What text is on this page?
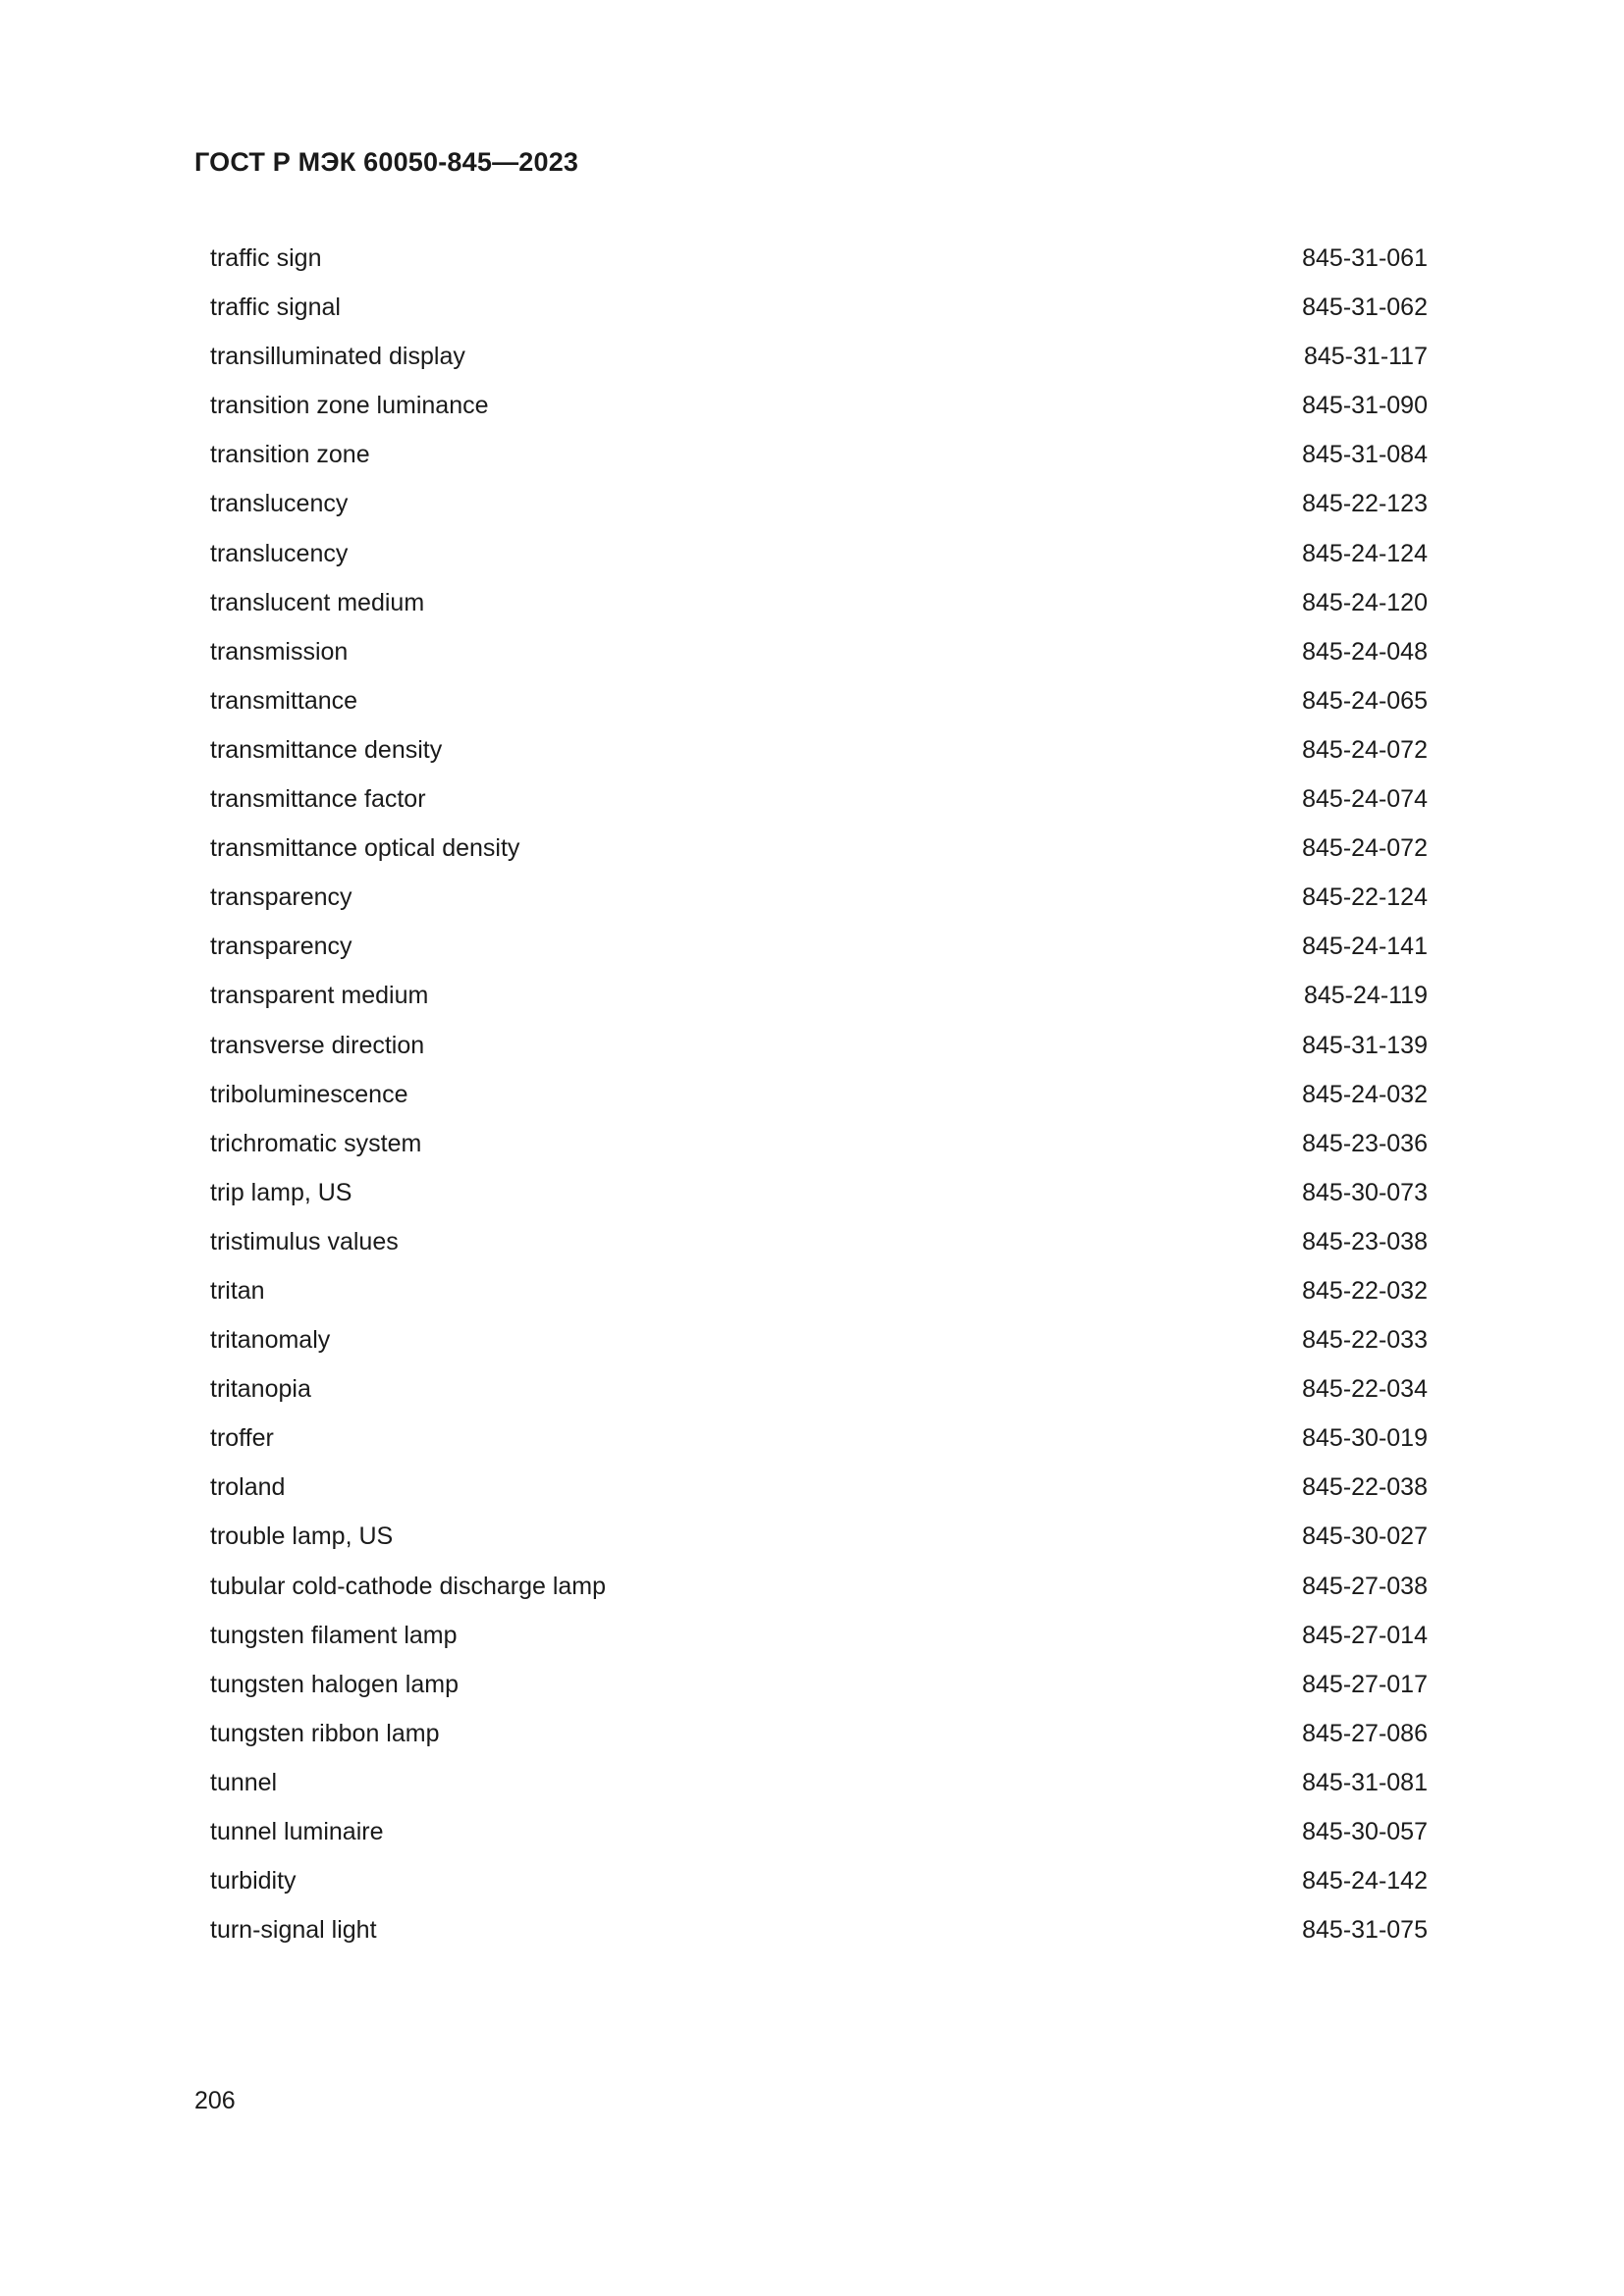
ГОСТ Р МЭК 60050-845—2023
traffic sign	845-31-061
traffic signal	845-31-062
transilluminated display	845-31-117
transition zone luminance	845-31-090
transition zone	845-31-084
translucency	845-22-123
translucency	845-24-124
translucent medium	845-24-120
transmission	845-24-048
transmittance	845-24-065
transmittance density	845-24-072
transmittance factor	845-24-074
transmittance optical density	845-24-072
transparency	845-22-124
transparency	845-24-141
transparent medium	845-24-119
transverse direction	845-31-139
triboluminescence	845-24-032
trichromatic system	845-23-036
trip lamp, US	845-30-073
tristimulus values	845-23-038
tritan	845-22-032
tritanomaly	845-22-033
tritanopia	845-22-034
troffer	845-30-019
troland	845-22-038
trouble lamp, US	845-30-027
tubular cold-cathode discharge lamp	845-27-038
tungsten filament lamp	845-27-014
tungsten halogen lamp	845-27-017
tungsten ribbon lamp	845-27-086
tunnel	845-31-081
tunnel luminaire	845-30-057
turbidity	845-24-142
turn-signal light	845-31-075
206
